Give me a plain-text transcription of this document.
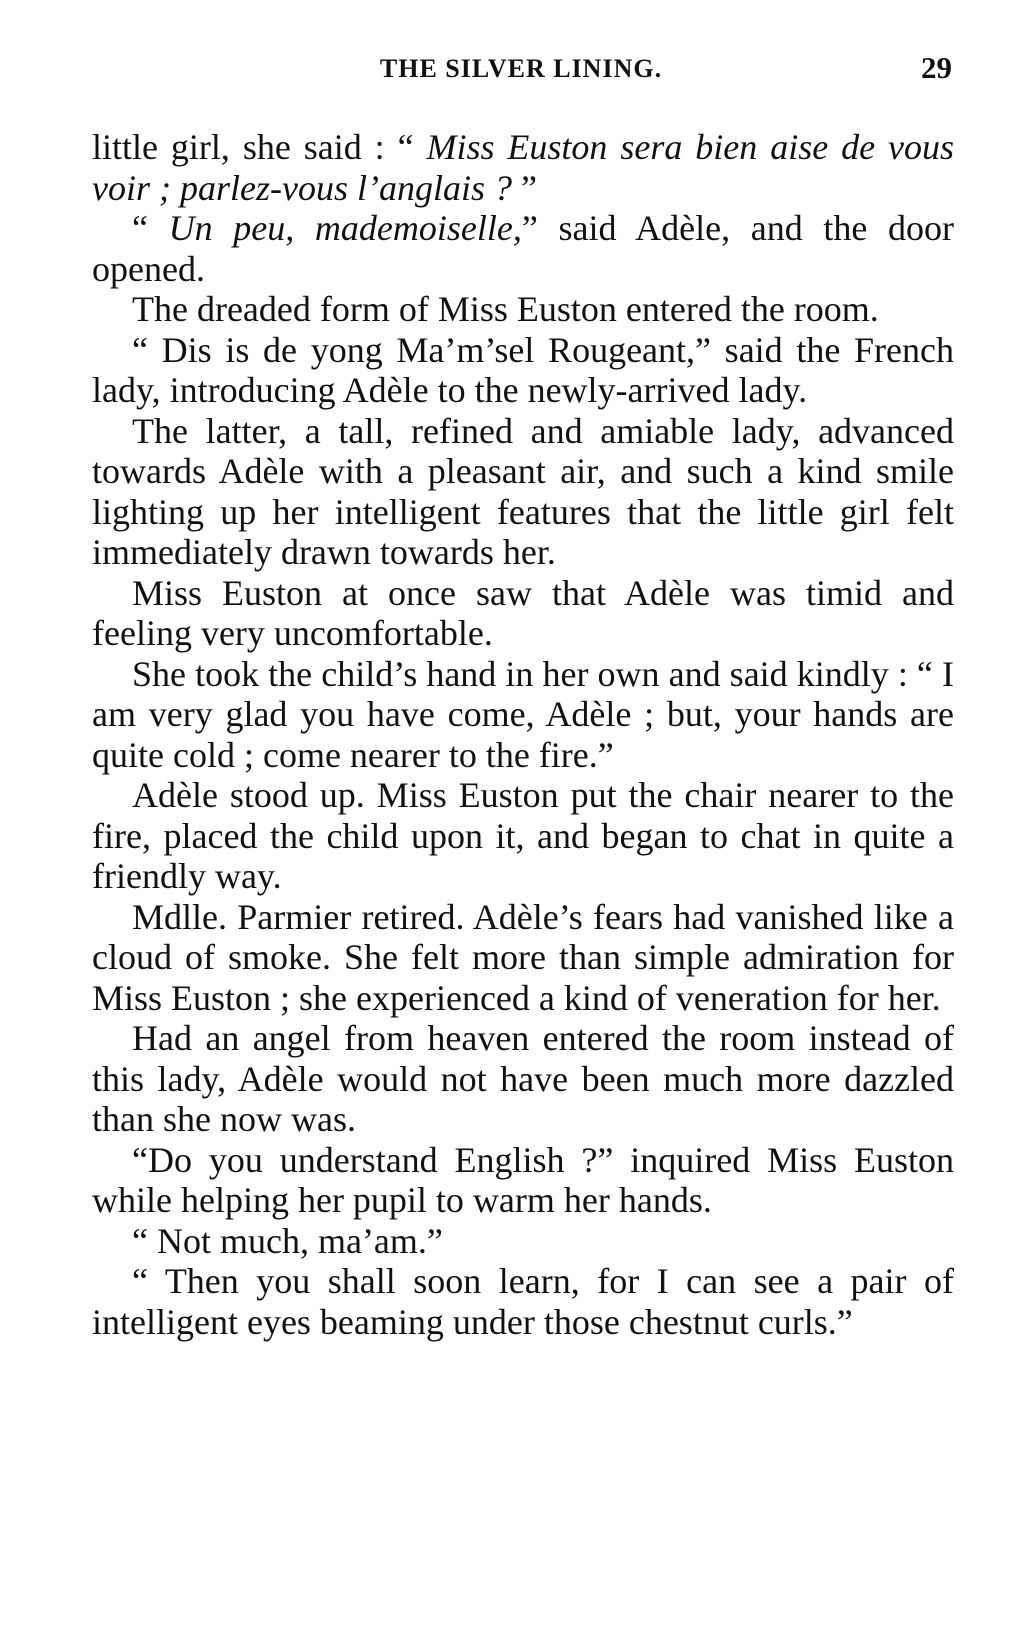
THE SILVER LINING.	29

little girl, she said : “ Miss Euston sera bien aise de vous voir ; parlez-vous l’anglais ? ”

“ Un peu, mademoiselle,” said Adèle, and the door opened.

The dreaded form of Miss Euston entered the room.

“ Dis is de yong Ma’m’sel Rougeant,” said the French lady, introducing Adèle to the newly-arrived lady.

The latter, a tall, refined and amiable lady, advanced towards Adèle with a pleasant air, and such a kind smile lighting up her intelligent features that the little girl felt immediately drawn towards her.

Miss Euston at once saw that Adèle was timid and feeling very uncomfortable.

She took the child’s hand in her own and said kindly : “ I am very glad you have come, Adèle ; but, your hands are quite cold ; come nearer to the fire.”

Adèle stood up. Miss Euston put the chair nearer to the fire, placed the child upon it, and began to chat in quite a friendly way.

Mdlle. Parmier retired. Adèle’s fears had vanished like a cloud of smoke. She felt more than simple admiration for Miss Euston ; she experienced a kind of veneration for her.

Had an angel from heaven entered the room instead of this lady, Adèle would not have been much more dazzled than she now was.

“Do you understand English ?” inquired Miss Euston while helping her pupil to warm her hands.

“ Not much, ma’am.”

“ Then you shall soon learn, for I can see a pair of intelligent eyes beaming under those chestnut curls.”
